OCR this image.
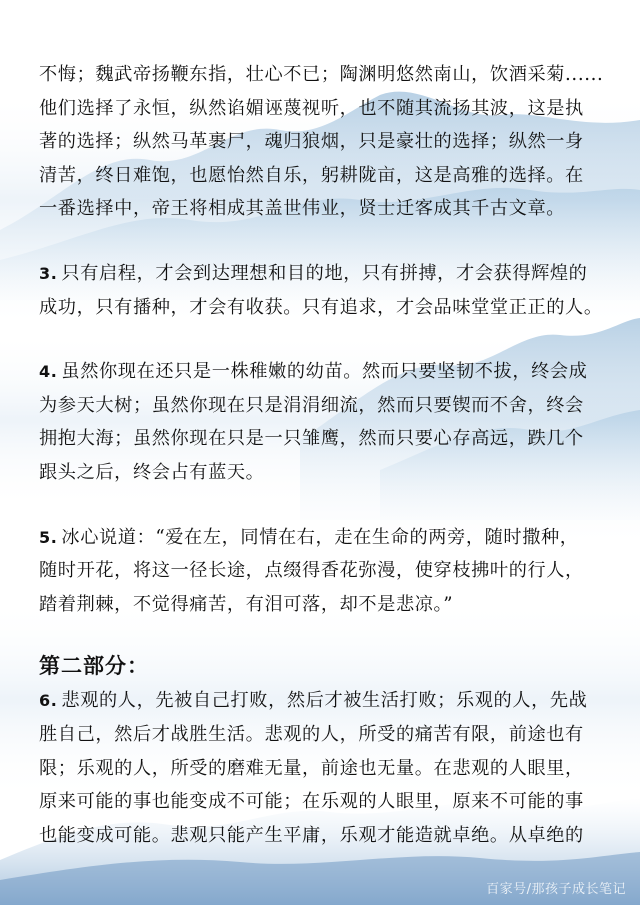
不悔；魏武帝扬鞭东指，壮心不已；陶渊明悠然南山，饮酒采菊......
他们选择了永恒，纵然谄媚诬蔑视听，也不随其流扬其波，这是执
著的选择；纵然马革裹尸，魂归狼烟，只是豪壮的选择；纵然一身
清苦，终日难饱，也愿怡然自乐，躬耕陇亩，这是高雅的选择。在
一番选择中，帝王将相成其盖世伟业，贤士迁客成其千古文章。

3. 只有启程，才会到达理想和目的地，只有拼搏，才会获得辉煌的
成功，只有播种，才会有收获。只有追求，才会品味堂堂正正的人。

4. 虽然你现在还只是一株稚嫩的幼苗。然而只要坚韧不拔，终会成
为参天大树；虽然你现在只是涓涓细流，然而只要锲而不舍，终会
拥抱大海；虽然你现在只是一只雏鹰，然而只要心存高远，跌几个
跟头之后，终会占有蓝天。

5. 冰心说道：“爱在左，同情在右，走在生命的两旁，随时撒种，
随时开花，将这一径长途，点缀得香花弥漫，使穿枝拂叶的行人，
踏着荆棘，不觉得痛苦，有泪可落，却不是悲凉。”

第二部分：

6. 悲观的人，先被自己打败，然后才被生活打败；乐观的人，先战
胜自己，然后才战胜生活。悲观的人，所受的痛苦有限，前途也有
限；乐观的人，所受的磨难无量，前途也无量。在悲观的人眼里，
原来可能的事也能变成不可能；在乐观的人眼里，原来不可能的事
也能变成可能。悲观只能产生平庸，乐观才能造就卓绝。从卓绝的

百家号/那孩子成长笔记
